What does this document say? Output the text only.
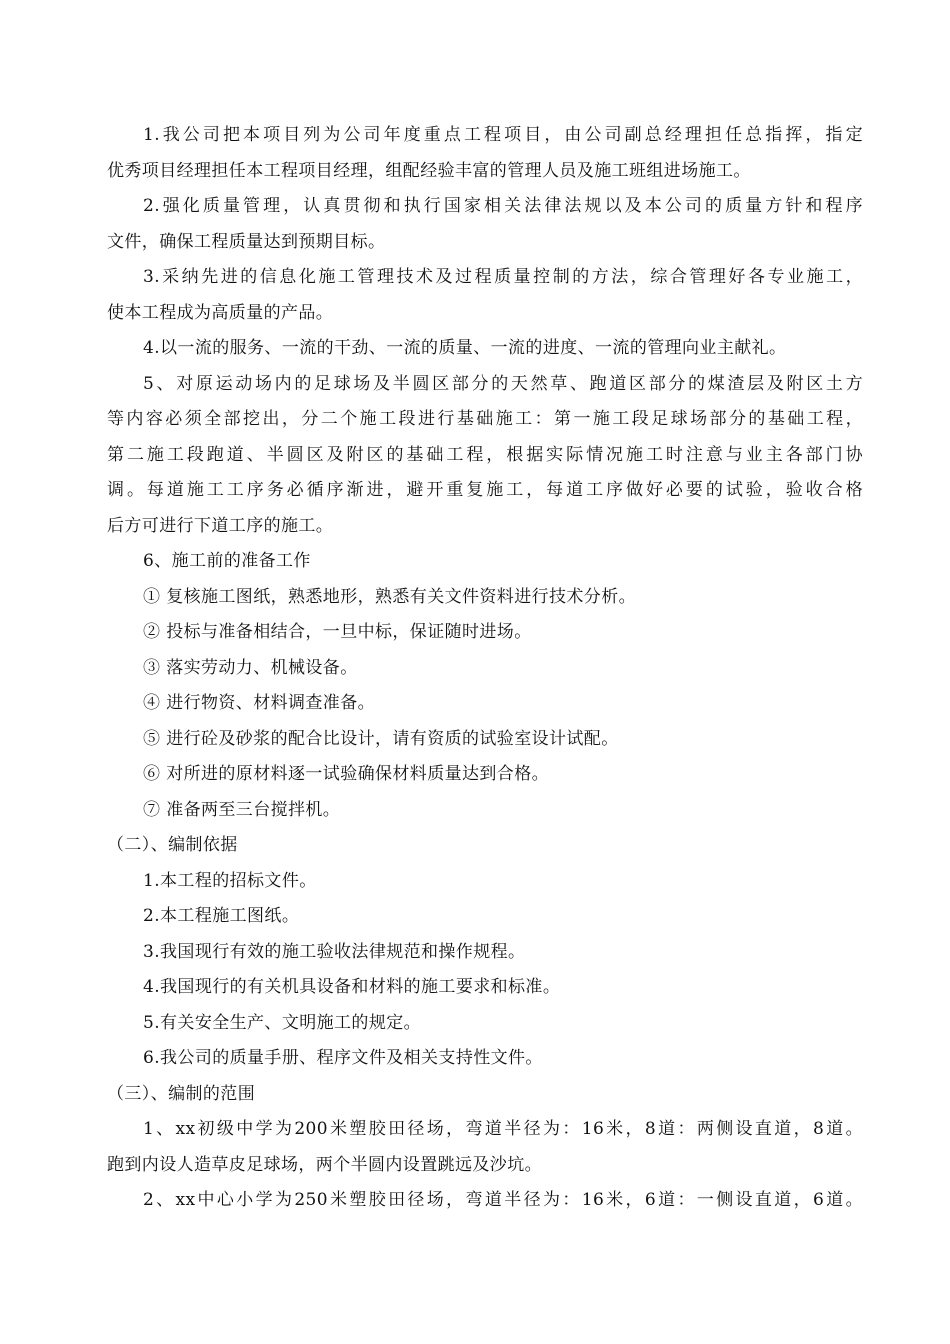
1.我公司把本项目列为公司年度重点工程项目，由公司副总经理担任总指挥，指定
优秀项目经理担任本工程项目经理，组配经验丰富的管理人员及施工班组进场施工。
2.强化质量管理，认真贯彻和执行国家相关法律法规以及本公司的质量方针和程序
文件，确保工程质量达到预期目标。
3.采纳先进的信息化施工管理技术及过程质量控制的方法，综合管理好各专业施工，
使本工程成为高质量的产品。
4.以一流的服务、一流的干劲、一流的质量、一流的进度、一流的管理向业主献礼。
5、对原运动场内的足球场及半圆区部分的天然草、跑道区部分的煤渣层及附区土方
等内容必须全部挖出，分二个施工段进行基础施工：第一施工段足球场部分的基础工程，
第二施工段跑道、半圆区及附区的基础工程，根据实际情况施工时注意与业主各部门协
调。每道施工工序务必循序渐进，避开重复施工，每道工序做好必要的试验，验收合格
后方可进行下道工序的施工。
6、施工前的准备工作
① 复核施工图纸，熟悉地形，熟悉有关文件资料进行技术分析。
② 投标与准备相结合，一旦中标，保证随时进场。
③ 落实劳动力、机械设备。
④ 进行物资、材料调查准备。
⑤ 进行砼及砂浆的配合比设计，请有资质的试验室设计试配。
⑥ 对所进的原材料逐一试验确保材料质量达到合格。
⑦ 准备两至三台搅拌机。
（二）、编制依据
1.本工程的招标文件。
2.本工程施工图纸。
3.我国现行有效的施工验收法律规范和操作规程。
4.我国现行的有关机具设备和材料的施工要求和标准。
5.有关安全生产、文明施工的规定。
6.我公司的质量手册、程序文件及相关支持性文件。
（三）、编制的范围
1、xx初级中学为200米塑胶田径场，弯道半径为：16米，8道：两侧设直道，8道。
跑到内设人造草皮足球场，两个半圆内设置跳远及沙坑。
2、xx中心小学为250米塑胶田径场，弯道半径为：16米，6道：一侧设直道，6道。
